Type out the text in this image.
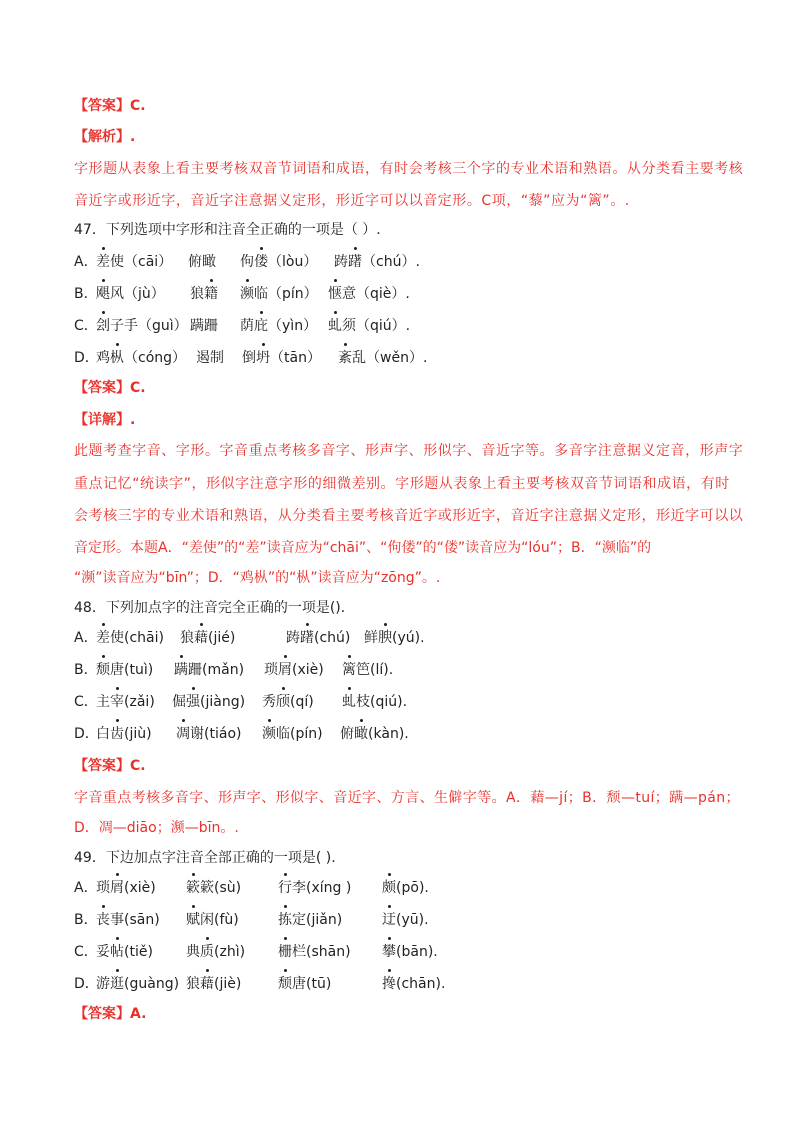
【答案】C.
【解析】.
字形题从表象上看主要考核双音节词语和成语，有时会考核三个字的专业术语和熟语。从分类看主要考核
音近字或形近字，音近字注意据义定形，形近字可以以音定形。C项，“藜”应为“篱”。.
47．下列选项中字形和注音全正确的一项是（ ）.
A．
差使（cāi） 俯瞰 佝偻（lòu） 踌躇（chú）.
B．
飓风（jù） 狼籍 濒临（pín） 惬意（qiè）.
C．
刽子手（guì） 蹒跚 荫庇（yìn） 虬须（qiú）.
D．
鸡枞（cóng） 遏制 倒坍（tān） 紊乱（wěn）.
【答案】C.
【详解】.
此题考查字音、字形。字音重点考核多音字、形声字、形似字、音近字等。多音字注意据义定音，形声字
重点记忆“统读字”，形似字注意字形的细微差别。字形题从表象上看主要考核双音节词语和成语，有时
会考核三字的专业术语和熟语，从分类看主要考核音近字或形近字，音近字注意据义定形，形近字可以以
音定形。本题A．“差使”的“差”读音应为“chāi”、“佝偻”的“偻”读音应为“lóu”；B．“濒临”的
“濒”读音应为“bīn”；D．“鸡枞”的“枞”读音应为“zōng”。.
48．下列加点字的注音完全正确的一项是().
A．
差使(chāi) 狼藉(jié)	踌躇(chú) 鲜腴(yú).
B．
颓唐(tuì) 蹒跚(mǎn) 琐屑(xiè) 篱笆(lí).
C．
主宰(zǎi) 倔强(jiàng) 秀颀(qí) 虬枝(qiú).
D．
白齿(jiù) 凋谢(tiáo) 濒临(pín) 俯瞰(kàn).
【答案】C.
字音重点考核多音字、形声字、形似字、音近字、方言、生僻字等。A．藉—jí；B．颓—tuí；蹒—pán；
D．凋—diāo；濒—bīn。.
49．下边加点字注音全部正确的一项是( ).
A．
琐屑(xiè) 簌簌(sù)	行李(xíng ) 颇(pō).
B．
丧事(sān) 赋闲(fù)	拣定(jiǎn)	迂(yū).
C．
妥帖(tiě) 典质(zhì) 栅栏(shān) 攀(bān).
D．
游逛(guàng) 狼藉(jiè)	颓唐(tū)	搀(chān).
【答案】A.
